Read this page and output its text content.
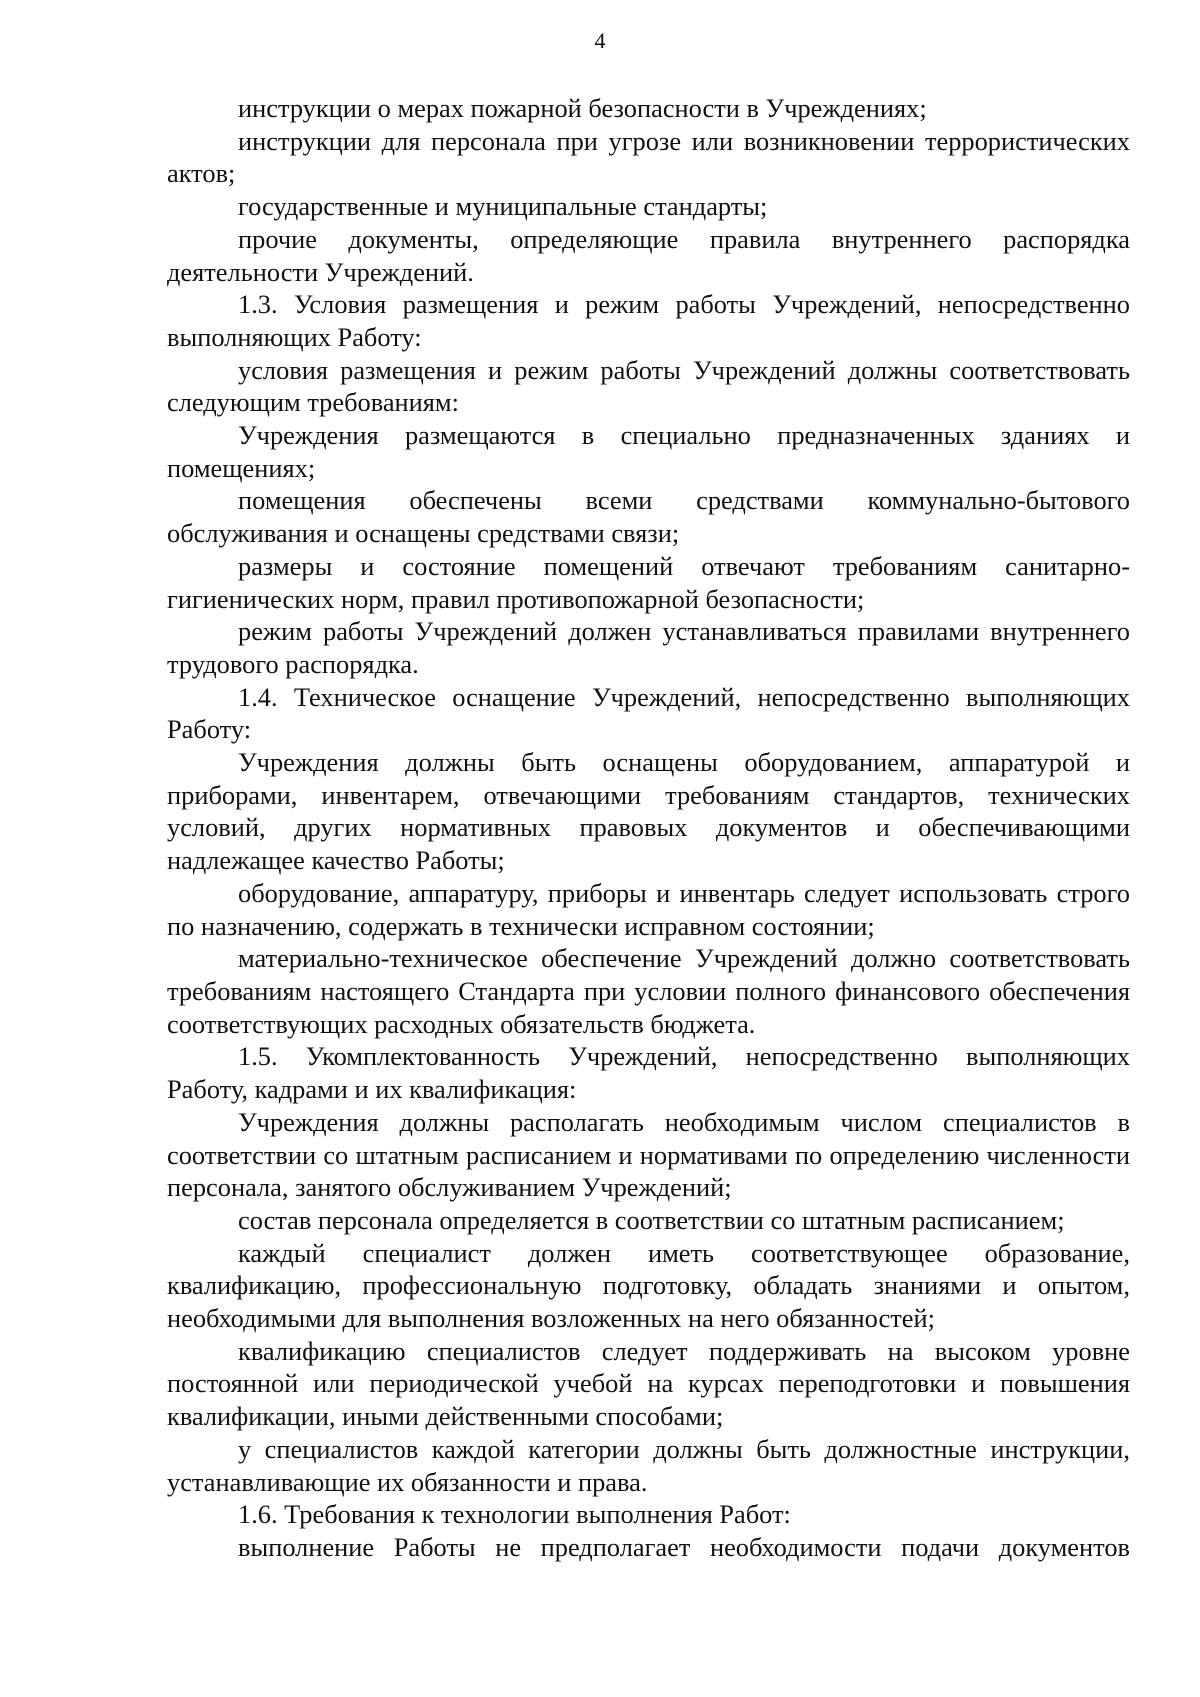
4

инструкции о мерах пожарной безопасности в Учреждениях;

инструкции для персонала при угрозе или возникновении террористических актов;

государственные и муниципальные стандарты;

прочие документы, определяющие правила внутреннего распорядка деятельности Учреждений.

1.3. Условия размещения и режим работы Учреждений, непосредственно выполняющих Работу:

условия размещения и режим работы Учреждений должны соответствовать следующим требованиям:

Учреждения размещаются в специально предназначенных зданиях и помещениях;

помещения обеспечены всеми средствами коммунально-бытового обслуживания и оснащены средствами связи;

размеры и состояние помещений отвечают требованиям санитарно-гигиенических норм, правил противопожарной безопасности;

режим работы Учреждений должен устанавливаться правилами внутреннего трудового распорядка.

1.4. Техническое оснащение Учреждений, непосредственно выполняющих Работу:

Учреждения должны быть оснащены оборудованием, аппаратурой и приборами, инвентарем, отвечающими требованиям стандартов, технических условий, других нормативных правовых документов и обеспечивающими надлежащее качество Работы;

оборудование, аппаратуру, приборы и инвентарь следует использовать строго по назначению, содержать в технически исправном состоянии;

материально-техническое обеспечение Учреждений должно соответствовать требованиям настоящего Стандарта при условии полного финансового обеспечения соответствующих расходных обязательств бюджета.

1.5. Укомплектованность Учреждений, непосредственно выполняющих Работу, кадрами и их квалификация:

Учреждения должны располагать необходимым числом специалистов в соответствии со штатным расписанием и нормативами по определению численности персонала, занятого обслуживанием Учреждений;

состав персонала определяется в соответствии со штатным расписанием;

каждый специалист должен иметь соответствующее образование, квалификацию, профессиональную подготовку, обладать знаниями и опытом, необходимыми для выполнения возложенных на него обязанностей;

квалификацию специалистов следует поддерживать на высоком уровне постоянной или периодической учебой на курсах переподготовки и повышения квалификации, иными действенными способами;

у специалистов каждой категории должны быть должностные инструкции, устанавливающие их обязанности и права.

1.6. Требования к технологии выполнения Работ:

выполнение Работы не предполагает необходимости подачи документов
